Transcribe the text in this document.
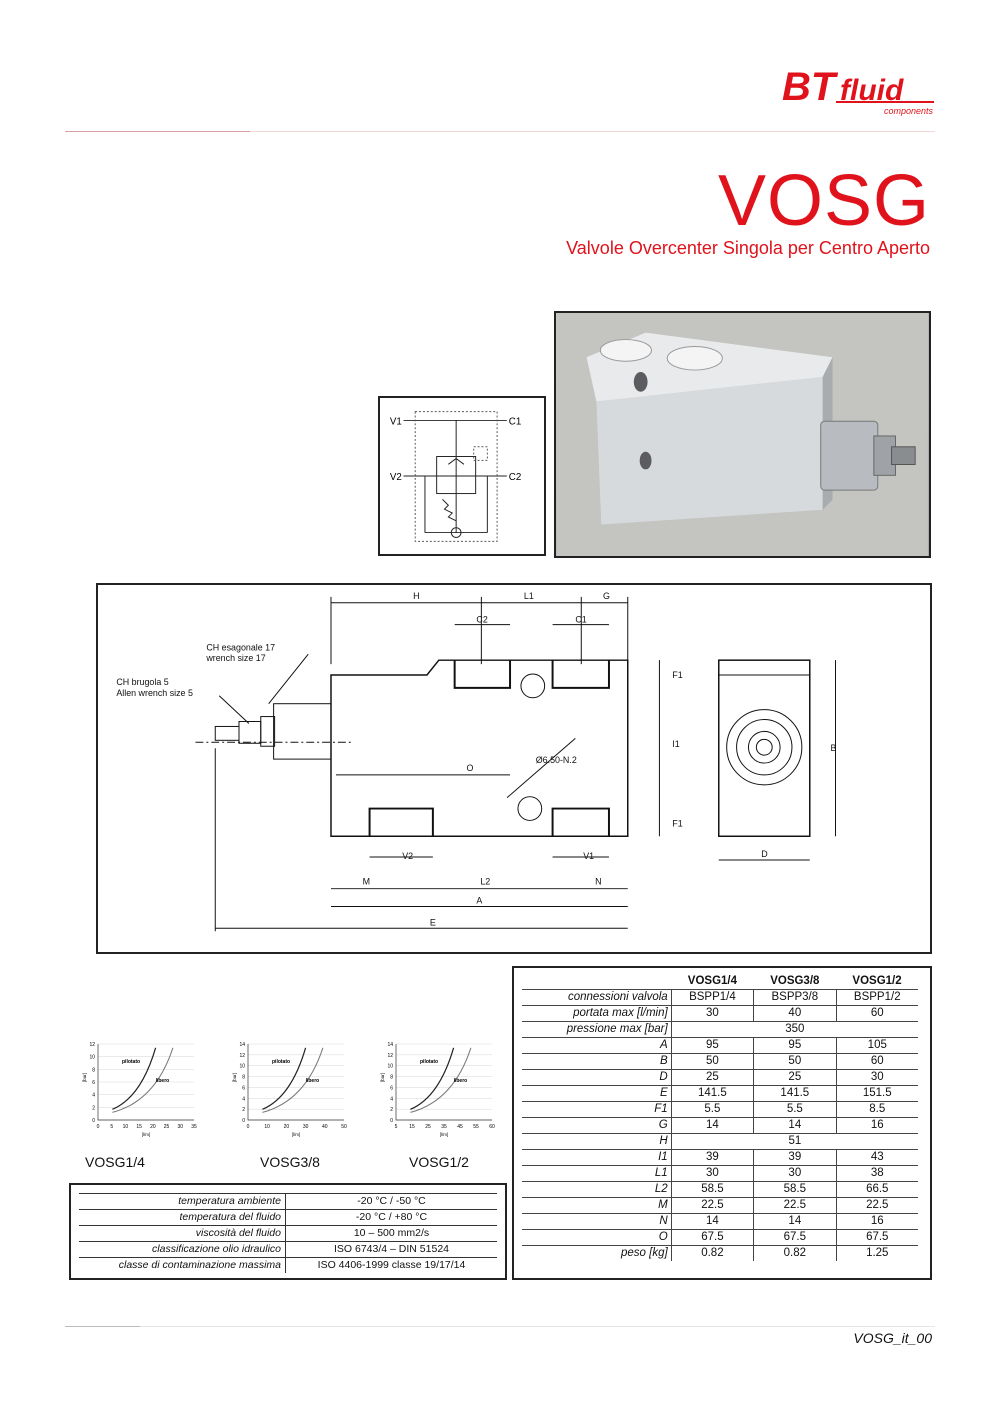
BT fluid
components
VOSG
Valvole Overcenter Singola per Centro Aperto
V1	C1
V2	C2
H	L1	G
C2	C1
F1
I1
F1
O
V2	V1
M	L2	N
A
E
B
D
Ø6.50-N.2
CH esagonale 17
wrench size 17
CH brugola 5
Allen wrench size 5
0
2
4
6
8
10
12
0 5 10 15 20 25 30 35
pilotato
libero
[bar]
[l/m]
0
2
4
6
8
10
12
14
0	10	20	30	40	50
pilotato
libero
[bar]
[l/m]
0
2
4
6
8
10
12
14
5 15 25 35 45 55 60
pilotato
libero
[bar]
[l/m]
VOSG1/4	VOSG3/8	VOSG1/2
temperatura ambiente	-20 °C / -50 °C
temperatura del fluido	-20 °C / +80 °C
viscosità del fluido	10 – 500 mm2/s
classificazione olio idraulico	ISO 6743/4 – DIN 51524
classe di contaminazione massima	ISO 4406-1999 classe 19/17/14
	VOSG1/4	VOSG3/8	VOSG1/2
connessioni valvola	BSPP1/4	BSPP3/8	BSPP1/2
portata max [l/min]	30	40	60
pressione max [bar]	350		
A	95	95	105
B	50	50	60
D	25	25	30
E	141.5	141.5	151.5
F1	5.5	5.5	8.5
G	14	14	16
H	51		
I1	39	39	43
L1	30	30	38
L2	58.5	58.5	66.5
M	22.5	22.5	22.5
N	14	14	16
O	67.5	67.5	67.5
peso [kg]	0.82	0.82	1.25
VOSG_it_00
